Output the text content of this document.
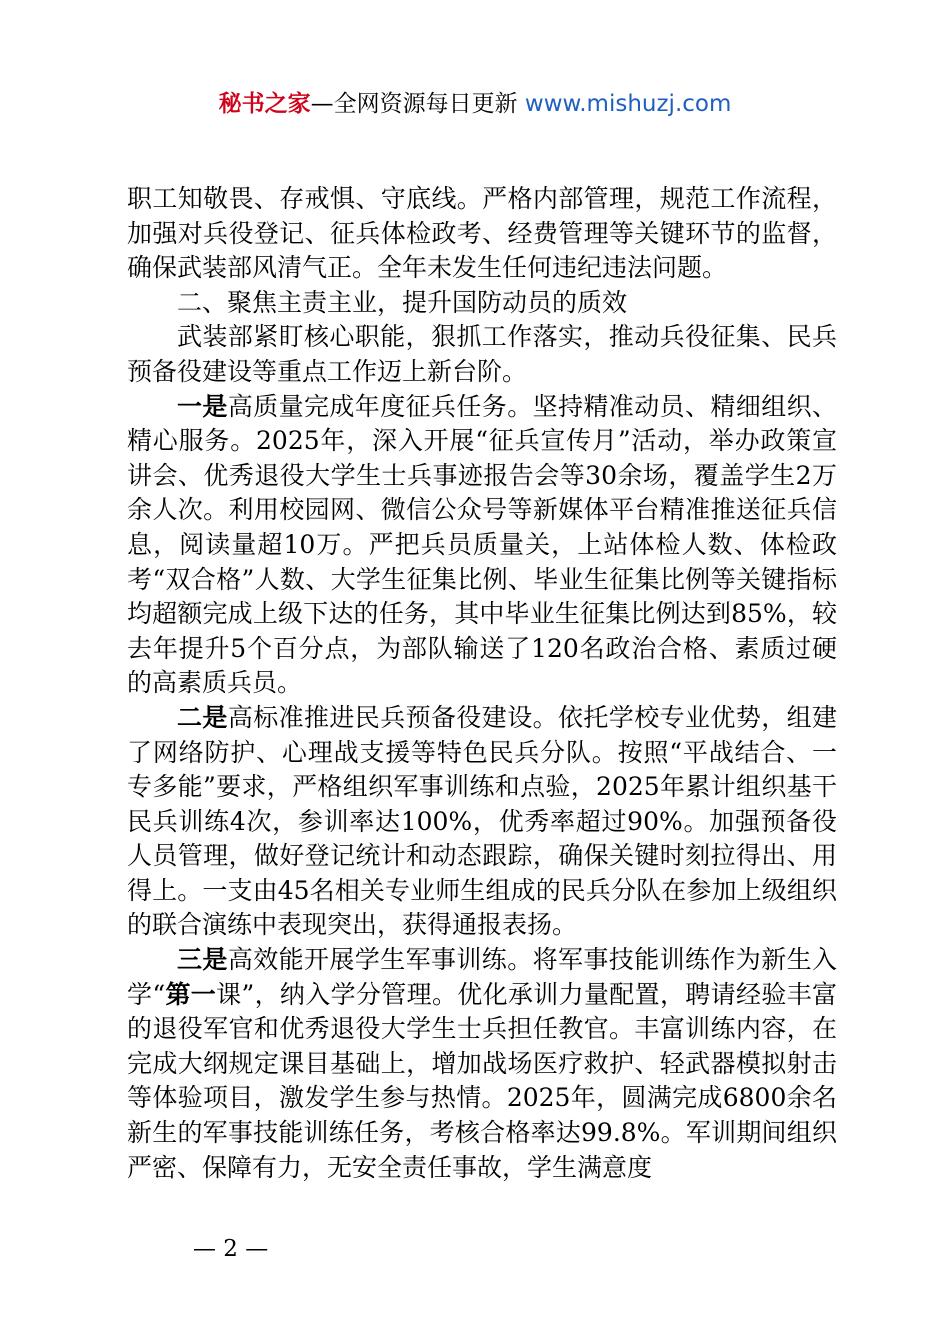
秘书之家—全网资源每日更新 www.mishuzj.com

职工知敬畏、存戒惧、守底线。严格内部管理，规范工作流程，加强对兵役登记、征兵体检政考、经费管理等关键环节的监督，确保武装部风清气正。全年未发生任何违纪违法问题。

二、聚焦主责主业，提升国防动员的质效

武装部紧盯核心职能，狠抓工作落实，推动兵役征集、民兵预备役建设等重点工作迈上新台阶。

一是高质量完成年度征兵任务。坚持精准动员、精细组织、精心服务。2025年，深入开展“征兵宣传月”活动，举办政策宣讲会、优秀退役大学生士兵事迹报告会等30余场，覆盖学生2万余人次。利用校园网、微信公众号等新媒体平台精准推送征兵信息，阅读量超10万。严把兵员质量关，上站体检人数、体检政考“双合格”人数、大学生征集比例、毕业生征集比例等关键指标均超额完成上级下达的任务，其中毕业生征集比例达到85%，较去年提升5个百分点，为部队输送了120名政治合格、素质过硬的高素质兵员。

二是高标准推进民兵预备役建设。依托学校专业优势，组建了网络防护、心理战支援等特色民兵分队。按照“平战结合、一专多能”要求，严格组织军事训练和点验，2025年累计组织基干民兵训练4次，参训率达100%，优秀率超过90%。加强预备役人员管理，做好登记统计和动态跟踪，确保关键时刻拉得出、用得上。一支由45名相关专业师生组成的民兵分队在参加上级组织的联合演练中表现突出，获得通报表扬。

三是高效能开展学生军事训练。将军事技能训练作为新生入学“第一课”，纳入学分管理。优化承训力量配置，聘请经验丰富的退役军官和优秀退役大学生士兵担任教官。丰富训练内容，在完成大纲规定课目基础上，增加战场医疗救护、轻武器模拟射击等体验项目，激发学生参与热情。2025年，圆满完成6800余名新生的军事技能训练任务，考核合格率达99.8%。军训期间组织严密、保障有力，无安全责任事故，学生满意度

— 2 —
